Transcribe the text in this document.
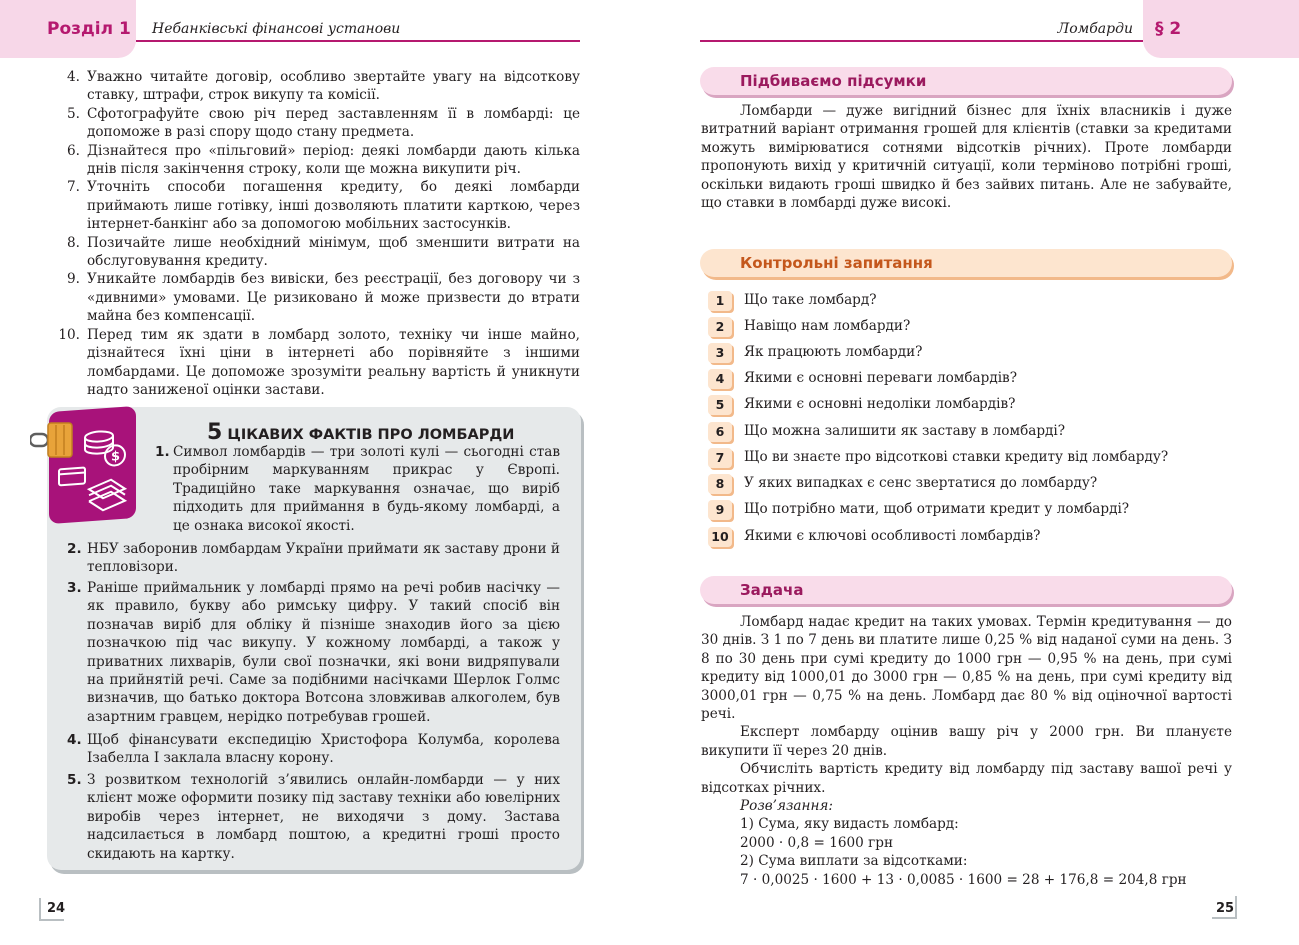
Розділ 1 Небанківські фінансові установи	Ломбарди § 2
4. Уважно читайте договір, особливо звертайте увагу на відсоткову ставку, штрафи, строк викупу та комісії.
5. Сфотографуйте свою річ перед заставленням її в ломбарді: це допоможе в разі спору щодо стану предмета.
6. Дізнайтеся про «пільговий» період: деякі ломбарди дають кілька днів після закінчення строку, коли ще можна викупити річ.
7. Уточніть способи погашення кредиту, бо деякі ломбарди приймають лише готівку, інші дозволяють платити карткою, через інтернет-банкінг або за допомогою мобільних застосунків.
8. Позичайте лише необхідний мінімум, щоб зменшити витрати на обслуговування кредиту.
9. Уникайте ломбардів без вивіски, без реєстрації, без договору чи з «дивними» умовами. Це ризиковано й може призвести до втрати майна без компенсації.
10. Перед тим як здати в ломбард золото, техніку чи інше майно, дізнайтеся їхні ціни в інтернеті або порівняйте з іншими ломбардами. Це допоможе зрозуміти реальну вартість й уникнути надто заниженої оцінки застави.
$
5 ЦІКАВИХ ФАКТІВ ПРО ЛОМБАРДИ
1. Символ ломбардів — три золоті кулі — сьогодні став пробірним маркуванням прикрас у Європі. Традиційно таке маркування означає, що виріб підходить для приймання в будь-якому ломбарді, а це ознака високої якості.
2. НБУ заборонив ломбардам України приймати як заставу дрони й тепловізори.
3. Раніше приймальник у ломбарді прямо на речі робив насічку — як правило, букву або римську цифру. У такий спосіб він позначав виріб для обліку й пізніше знаходив його за цією позначкою під час викупу. У кожному ломбарді, а також у приватних лихварів, були свої позначки, які вони видряпували на прийнятій речі. Саме за подібними насічками Шерлок Голмс визначив, що батько доктора Вотсона зловживав алкоголем, був азартним гравцем, нерідко потребував грошей.
4. Щоб фінансувати експедицію Христофора Колумба, королева Ізабелла І заклала власну корону.
5. З розвитком технологій з’явились онлайн-ломбарди — у них клієнт може оформити позику під заставу техніки або ювелірних виробів через інтернет, не виходячи з дому. Застава надсилається в ломбард поштою, а кредитні гроші просто скидають на картку.
24	25
Підбиваємо підсумки
Ломбарди — дуже вигідний бізнес для їхніх власників і дуже витратний варіант отримання грошей для клієнтів (ставки за кредитами можуть вимірюватися сотнями відсотків річних). Проте ломбарди пропонують вихід у критичній ситуації, коли терміново потрібні гроші, оскільки видають гроші швидко й без зайвих питань. Але не забувайте, що ставки в ломбарді дуже високі.
Контрольні запитання
1	Що таке ломбард?
2	Навіщо нам ломбарди?
3	Як працюють ломбарди?
4	Якими є основні переваги ломбардів?
5	Якими є основні недоліки ломбардів?
6	Що можна залишити як заставу в ломбарді?
7	Що ви знаєте про відсоткові ставки кредиту від ломбарду?
8	У яких випадках є сенс звертатися до ломбарду?
9	Що потрібно мати, щоб отримати кредит у ломбарді?
10 Якими є ключові особливості ломбардів?
Задача

Ломбард надає кредит на таких умовах. Термін кредитування — до 30 днів. З 1 по 7 день ви платите лише 0,25 % від наданої суми на день. З 8 по 30 день при сумі кредиту до 1000 грн — 0,95 % на день, при сумі кредиту від 1000,01 до 3000 грн — 0,85 % на день, при сумі кредиту від 3000,01 грн — 0,75 % на день. Ломбард дає 80 % від оціночної вартості речі.

Експерт ломбарду оцінив вашу річ у 2000 грн. Ви плануєте викупити її через 20 днів.

Обчисліть вартість кредиту від ломбарду під заставу вашої речі у відсотках річних.

Розв’язання:

1) Сума, яку видасть ломбард:

2000 · 0,8 = 1600 грн

2) Сума виплати за відсотками:

7 · 0,0025 · 1600 + 13 · 0,0085 · 1600 = 28 + 176,8 = 204,8 грн
